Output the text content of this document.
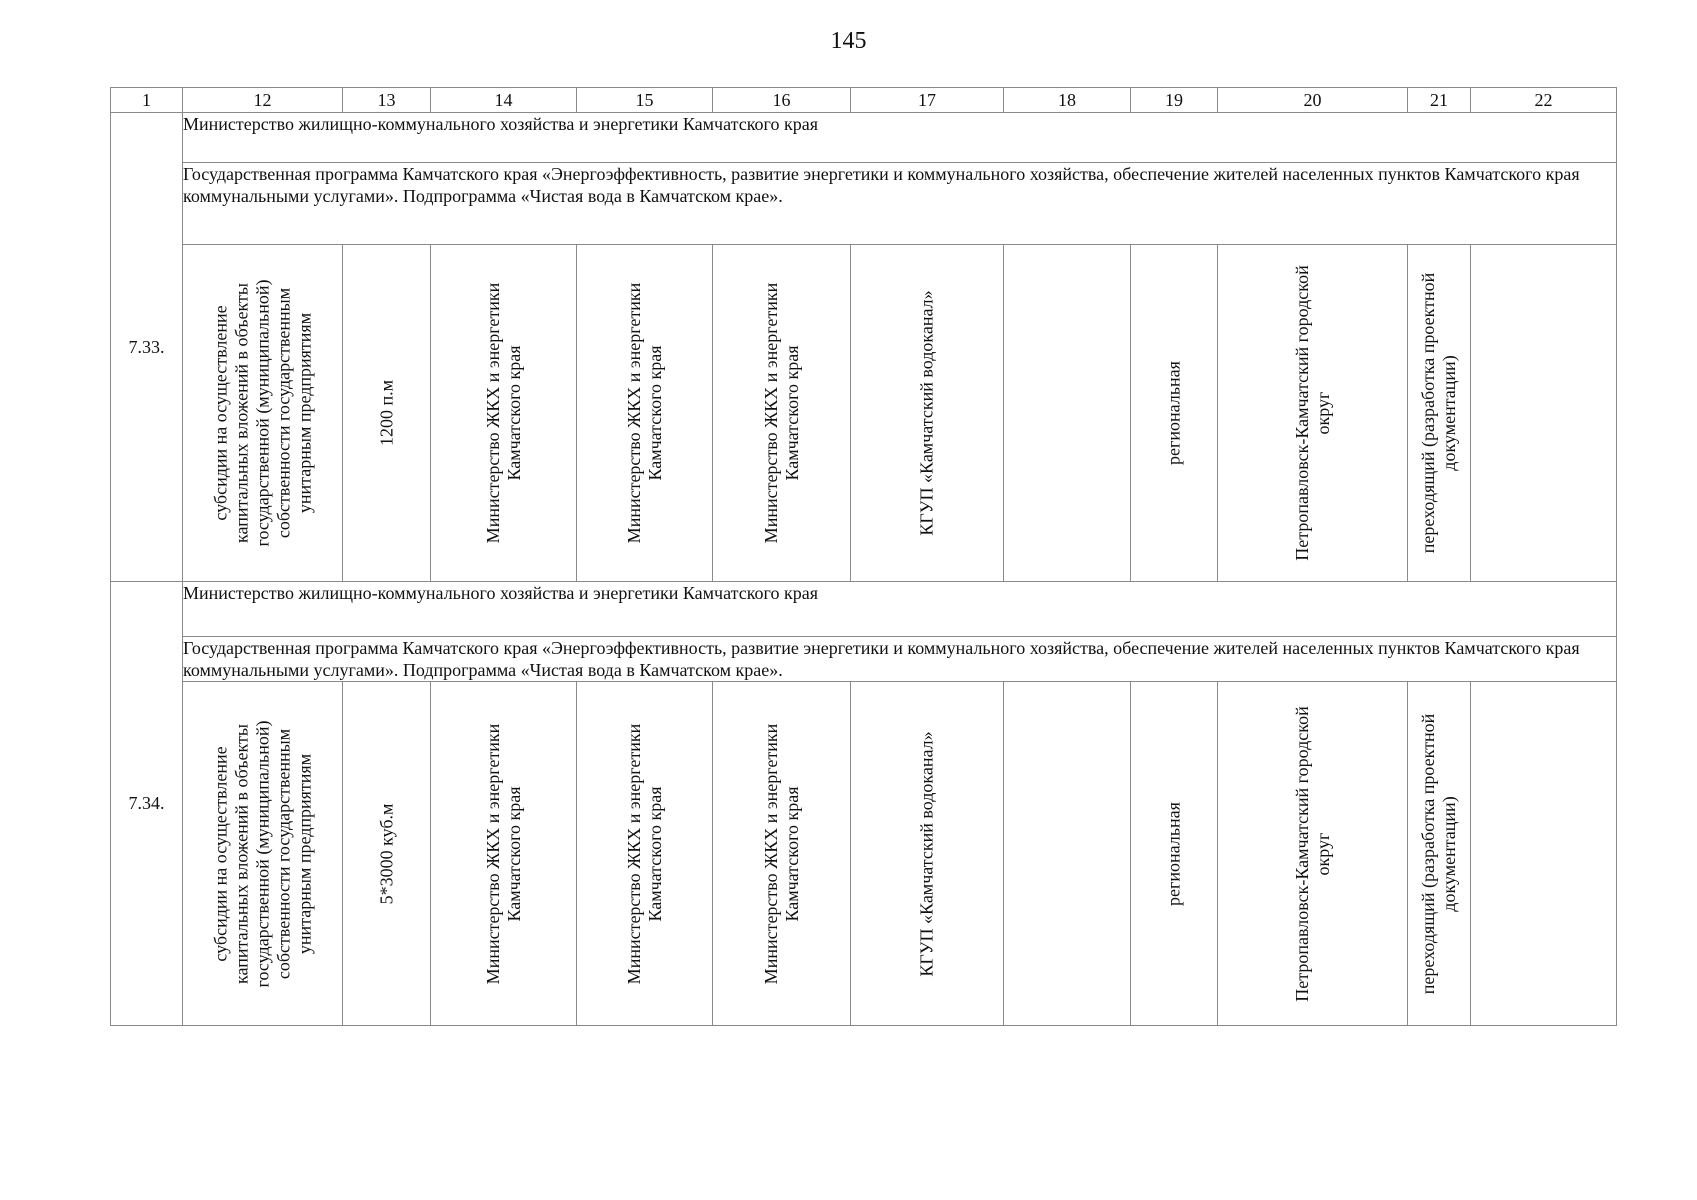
145
1	12	13	14	15	16	17	18	19	20	21	22
7.33.	Министерство жилищно-коммунального хозяйства и энергетики Камчатского края										
	Государственная программа Камчатского края «Энергоэффективность, развитие энергетики и коммунального хозяйства, обеспечение жителей населенных пунктов Камчатского края коммунальными услугами». Подпрограмма «Чистая вода в Камчатском крае».										

	субсидии на осуществление капитальных вложений в объекты государственной (муниципальной) собственности государственным унитарным предприятиям	1200 п.м	Министерство ЖКХ и энергетики Камчатского края	Министерство ЖКХ и энергетики Камчатского края	Министерство ЖКХ и энергетики Камчатского края	КГУП «Камчатский водоканал»		региональная	Петропавловск-Камчатский городской округ	переходящий (разработка проектной документации)	

7.34.	Министерство жилищно-коммунального хозяйства и энергетики Камчатского края										
	Государственная программа Камчатского края «Энергоэффективность, развитие энергетики и коммунального хозяйства, обеспечение жителей населенных пунктов Камчатского края коммунальными услугами». Подпрограмма «Чистая вода в Камчатском крае».										

	субсидии на осуществление капитальных вложений в объекты государственной (муниципальной) собственности государственным унитарным предприятиям	5*3000 куб.м	Министерство ЖКХ и энергетики Камчатского края	Министерство ЖКХ и энергетики Камчатского края	Министерство ЖКХ и энергетики Камчатского края	КГУП «Камчатский водоканал»		региональная	Петропавловск-Камчатский городской округ	переходящий (разработка проектной документации)	
